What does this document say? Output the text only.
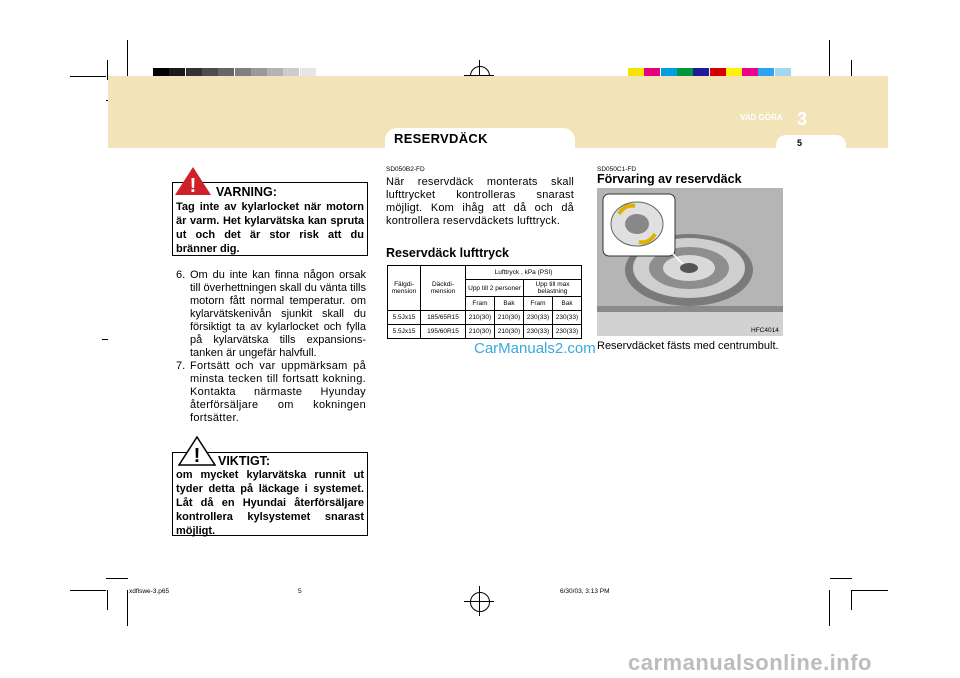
RESERVDÄCK
VAD GÖRA 3
5
! VARNING:
Tag inte av kylarlocket när motorn är varm. Het kylarvätska kan spruta ut och det är stor risk att du bränner dig.
6. Om du inte kan finna någon orsak till överhettningen skall du vänta tills motorn fått normal temperatur. om kylarvätskenivån sjunkit skall du försiktigt ta av kylarlocket och fylla på kylarvätska tills expansions-tanken är ungefär halvfull.
7. Fortsätt och var uppmärksam på minsta tecken till fortsatt kokning. Kontakta närmaste Hyunday återförsäljare om kokningen fortsätter.
! VIKTIGT:
om mycket kylarvätska runnit ut tyder detta på läckage i systemet. Låt då en Hyundai återförsäljare kontrollera kylsystemet snarast möjligt.
SD050B2-FD
När reservdäck monterats skall lufttrycket kontrolleras snarast möjligt. Kom ihåg att då och då kontrollera reservdäckets lufttryck.
Reservdäck lufttryck
Fälgdi-mension	Däckdi-mension	Lufttryck , kPa (PSI)			
		Upp till 2 personer		Upp till max belastning	
		Fram	Bak	Fram	Bak
5.5Jx15	185/65R15	210(30)	210(30)	230(33)	230(33)
5.5Jx15	195/60R15	210(30)	210(30)	230(33)	230(33)
CarManuals2.com
SD050C1-FD
Förvaring av reservdäck
HFC4014
Reservdäcket fästs med centrumbult.
xdflswe-3.p65	5	6/30/03, 3:13 PM
carmanualsonline.info
